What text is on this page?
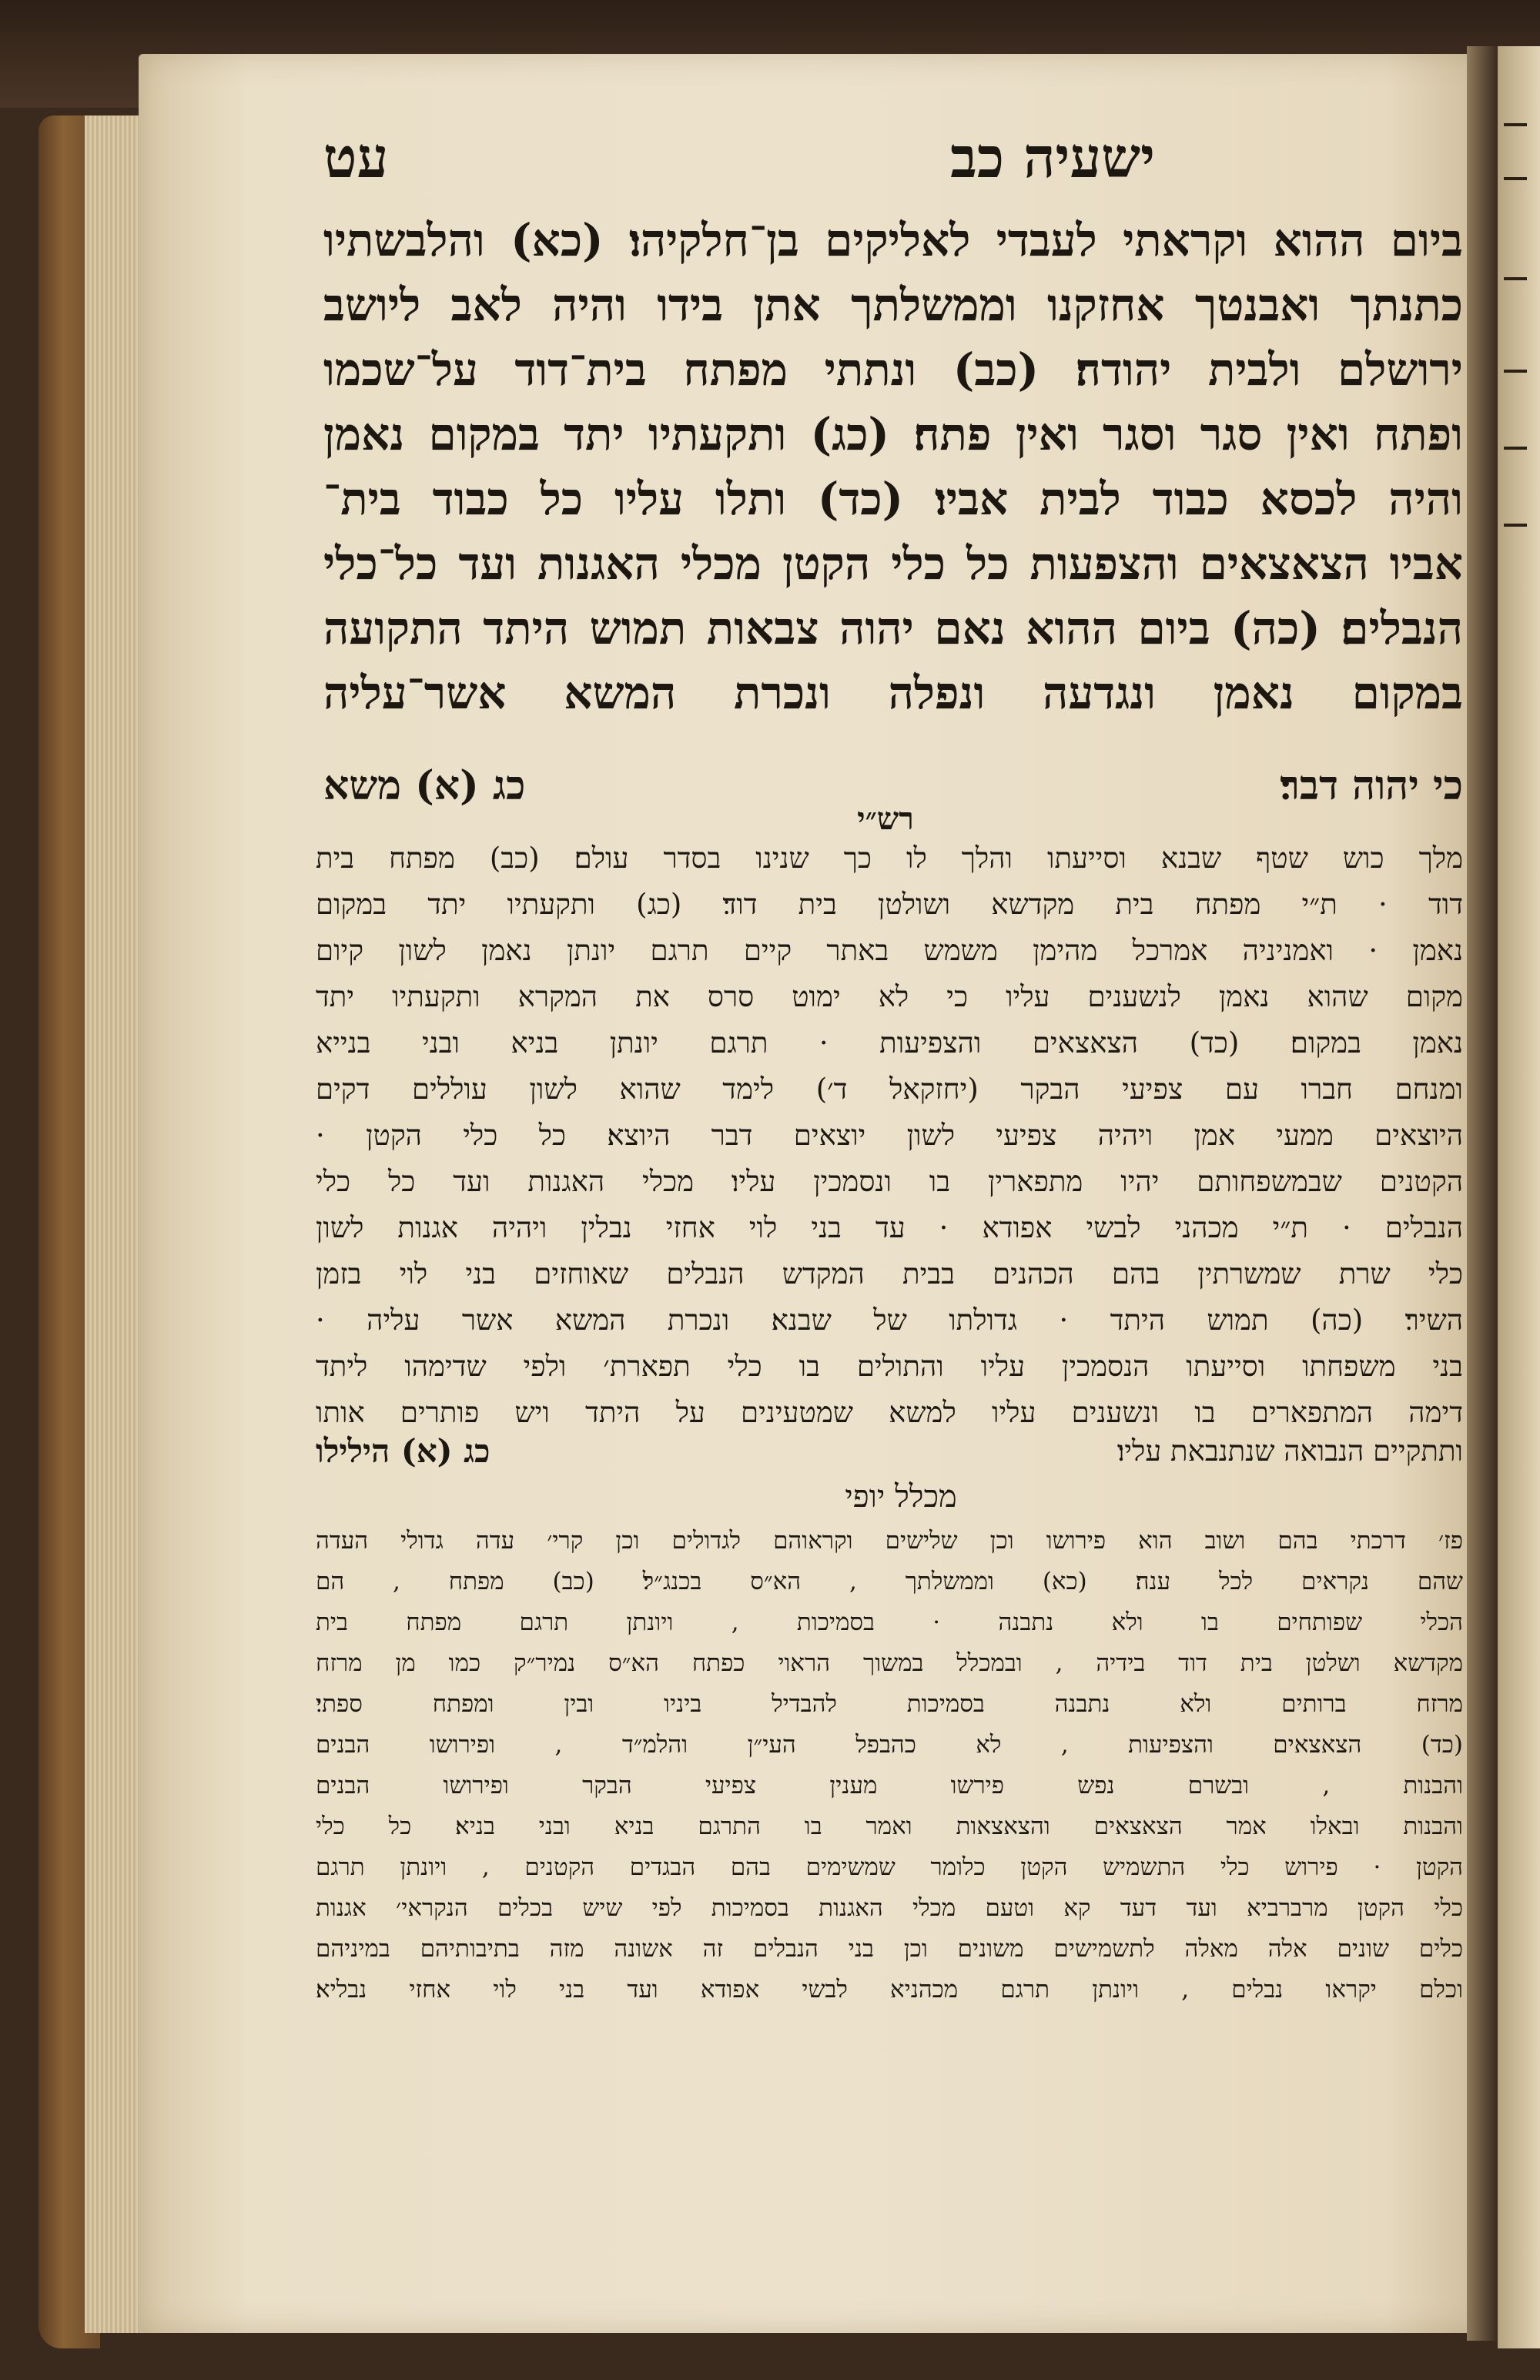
ישעיה כב
עט
ביום ההוא וקראתי לעבדי לאליקים בן־חלקיהו׃ (כא) והלבשתיו
כתנתך ואבנטך אחזקנו וממשלתך אתן בידו והיה לאב ליושב
ירושלם ולבית יהודה׃ (כב) ונתתי מפתח בית־דוד על־שכמו
ופתח ואין סגר וסגר ואין פתח׃ (כג) ותקעתיו יתד במקום נאמן
והיה לכסא כבוד לבית אביו׃ (כד) ותלו עליו כל כבוד בית־
אביו הצאצאים והצפעות כל כלי הקטן מכלי האגנות ועד כל־כלי
הנבלים׃ (כה) ביום ההוא נאם יהוה צבאות תמוש היתד התקועה
במקום נאמן ונגדעה ונפלה ונכרת המשא אשר־עליה
כי יהוה דבר׃
כג (א) משא
רש״י
מלך כוש שטף שבנא וסייעתו והלך לו כך שנינו בסדר עולם׃ (כב) מפתח בית
דוד · ת״י מפתח בית מקדשא ושולטן בית דוד׃ (כג) ותקעתיו יתד במקום
נאמן · ואמניניה אמרכל מהימן משמש באתר קיים תרגם יונתן נאמן לשון קיום
מקום שהוא נאמן לנשענים עליו כי לא ימוט סרס את המקרא ותקעתיו יתד
נאמן במקום׃ (כד) הצאצאים והצפיעות · תרגם יונתן בניא ובני בנייא
ומנחם חברו עם צפיעי הבקר (יחזקאל ד׳) לימד שהוא לשון עוללים דקים
היוצאים ממעי אמן ויהיה צפיעי לשון יוצאים דבר היוצא׃ כל כלי הקטן ·
הקטנים שבמשפחותם יהיו מתפארין בו ונסמכין עליו׃ מכלי האגנות ועד כל כלי
הנבלים · ת״י מכהני לבשי אפודא · עד בני לוי אחזי נבלין ויהיה אגנות לשון
כלי שרת שמשרתין בהם הכהנים בבית המקדש הנבלים שאוחזים בני לוי בזמן
השיר׃ (כה) תמוש היתד · גדולתו של שבנא׃ ונכרת המשא אשר עליה ·
בני משפחתו וסייעתו הנסמכין עליו והתולים בו כלי תפארת׳ ולפי שדימהו ליתד
דימה המתפארים בו ונשענים עליו למשא שמטעינים על היתד ויש פותרים אותו
ותתקיים הנבואה שנתנבאת עליו׃
כג (א) הילילו
מכלל יופי
פז׳ דרכתי בהם ושוב הוא פירושו וכן שלישים וקראוהם לגדולים וכן קרי׳ עדה גדולי העדה
שהם נקראים לכל ענה׃ (כא) וממשלתך , הא״ס בכנג״ל׃ (כב) מפתח , הם
הכלי שפותחים בו ולא נתבנה · בסמיכות , ויונתן תרגם מפתח בית
מקדשא ושלטן בית דוד בידיה , ובמכלל במשוך הראוי כפתח הא״ס נמיר״ק כמו מן מרזח
מרזח ברותים ולא נתבנה בסמיכות להבדיל ביניו ובין ומפתח ספתי׃
(כד) הצאצאים והצפיעות , לא כהבפל העי״ן והלמ״ד , ופירושו הבנים
והבנות , ובשרם נפש פירשו מענין צפיעי הבקר ופירושו הבנים
והבנות ובאלו אמר הצאצאים והצאצאות ואמר בו התרגם בניא ובני בניא׃ כל כלי
הקטן · פירוש כלי התשמיש הקטן כלומר שמשימים בהם הבגדים הקטנים , ויונתן תרגם
כלי הקטן מרברביא ועד דעד קא וטעם מכלי האגנות בסמיכות לפי שיש בכלים הנקראי׳ אגנות
כלים שונים אלה מאלה לתשמישים משונים וכן בני הנבלים זה אשונה מזה בתיבותיהם במיניהם
וכלם יקראו נבלים , ויונתן תרגם מכהניא לבשי אפודא ועד בני לוי אחזי נבליא׃
